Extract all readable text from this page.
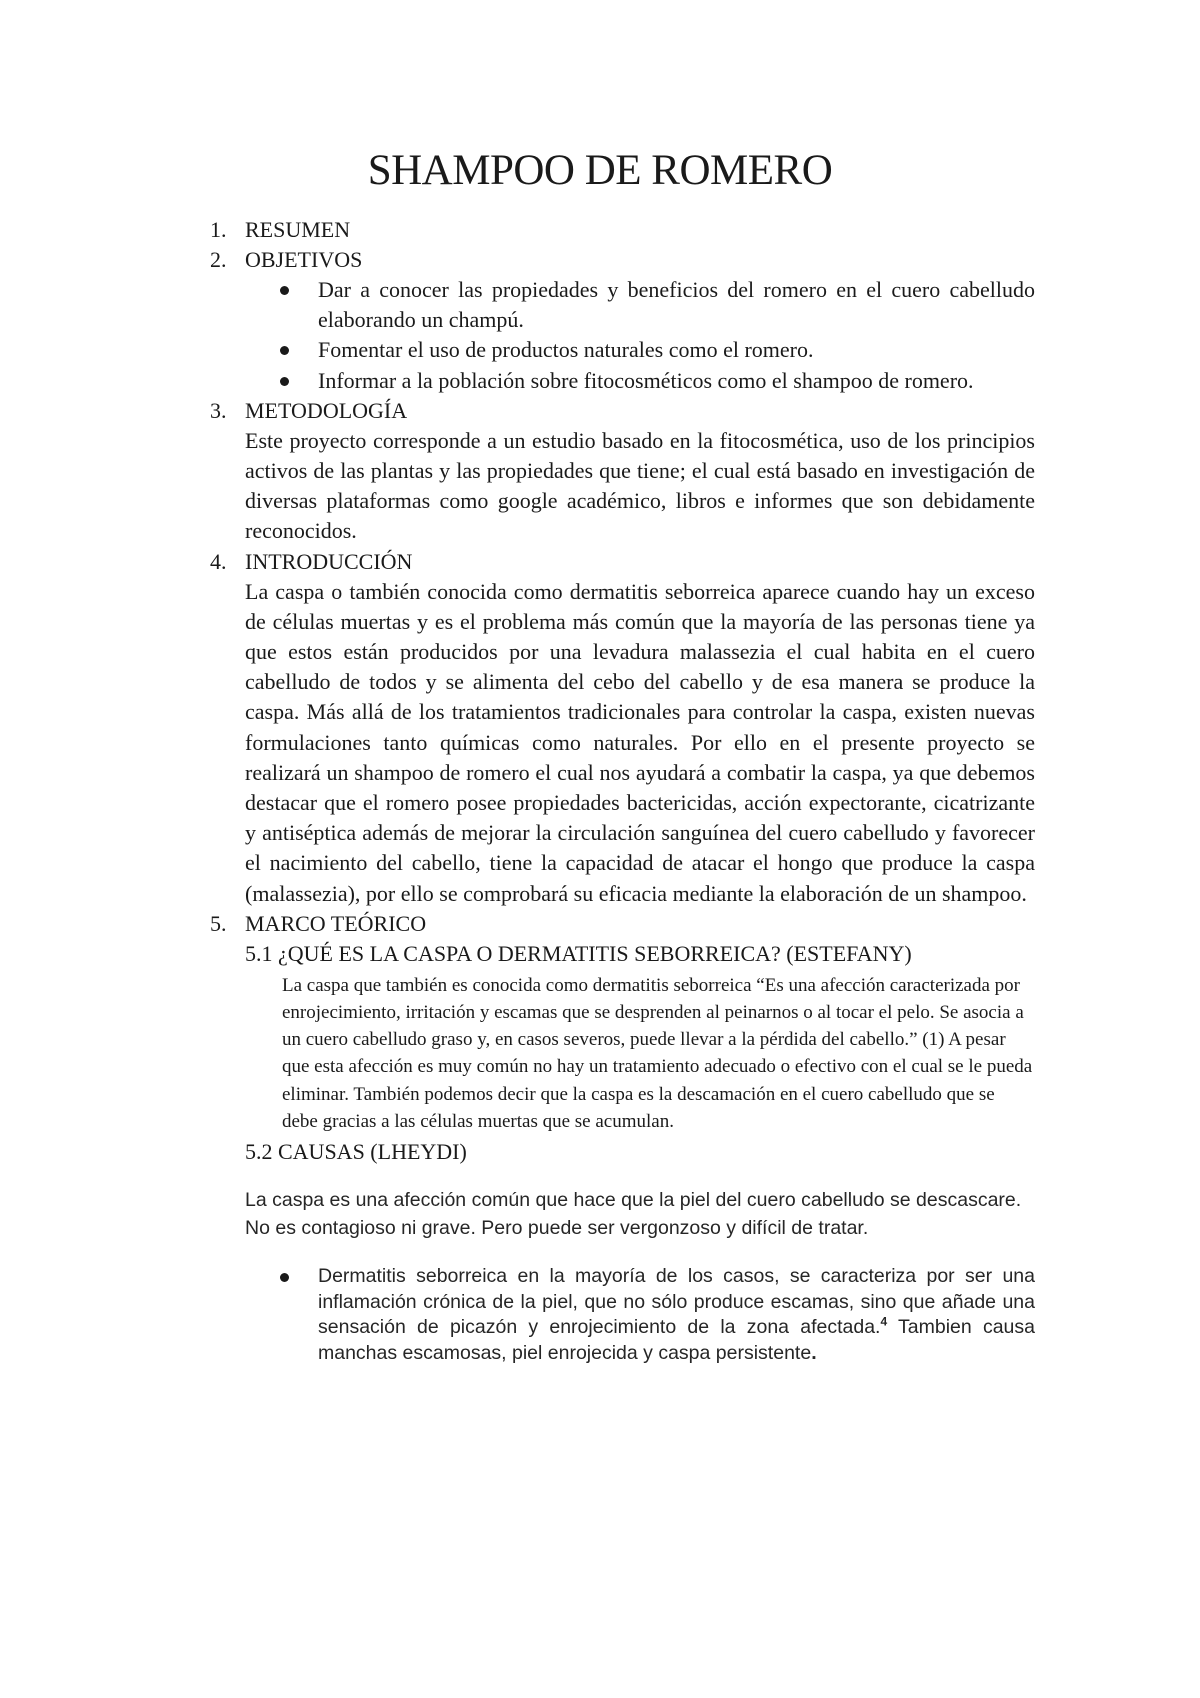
SHAMPOO DE ROMERO
1. RESUMEN
2. OBJETIVOS
Dar a conocer las propiedades y beneficios del romero en el cuero cabelludo elaborando un champú.
Fomentar el uso de productos naturales como el romero.
Informar a la población sobre fitocosméticos como el shampoo de romero.
3. METODOLOGÍA
Este proyecto corresponde a un estudio basado en la fitocosmética, uso de los principios activos de las plantas y las propiedades que tiene; el cual está basado en investigación de diversas plataformas como google académico, libros e informes que son debidamente reconocidos.
4. INTRODUCCIÓN
La caspa o también conocida como dermatitis seborreica aparece cuando hay un exceso de células muertas y es el problema más común que la mayoría de las personas tiene ya que estos están producidos por una levadura malassezia el cual habita en el cuero cabelludo de todos y se alimenta del cebo del cabello y de esa manera se produce la caspa. Más allá de los tratamientos tradicionales para controlar la caspa, existen nuevas formulaciones tanto químicas como naturales. Por ello en el presente proyecto se realizará un shampoo de romero el cual nos ayudará a combatir la caspa, ya que debemos destacar que el romero posee propiedades bactericidas, acción expectorante, cicatrizante y antiséptica además de mejorar la circulación sanguínea del cuero cabelludo y favorecer el nacimiento del cabello, tiene la capacidad de atacar el hongo que produce la caspa (malassezia), por ello se comprobará su eficacia mediante la elaboración de un shampoo.
5. MARCO TEÓRICO
5.1 ¿QUÉ ES LA CASPA O DERMATITIS SEBORREICA? (ESTEFANY)
La caspa que también es conocida como dermatitis seborreica “Es una afección caracterizada por enrojecimiento, irritación y escamas que se desprenden al peinarnos o al tocar el pelo. Se asocia a un cuero cabelludo graso y, en casos severos, puede llevar a la pérdida del cabello.” (1) A pesar que esta afección es muy común no hay un tratamiento adecuado o efectivo con el cual se le pueda eliminar. También podemos decir que la caspa es la descamación en el cuero cabelludo que se debe gracias a las células muertas que se acumulan.
5.2 CAUSAS (LHEYDI)
La caspa es una afección común que hace que la piel del cuero cabelludo se descascare. No es contagioso ni grave. Pero puede ser vergonzoso y difícil de tratar.
Dermatitis seborreica en la mayoría de los casos, se caracteriza por ser una inflamación crónica de la piel, que no sólo produce escamas, sino que añade una sensación de picazón y enrojecimiento de la zona afectada.$^4$ Tambien causa manchas escamosas, piel enrojecida y caspa persistente.
